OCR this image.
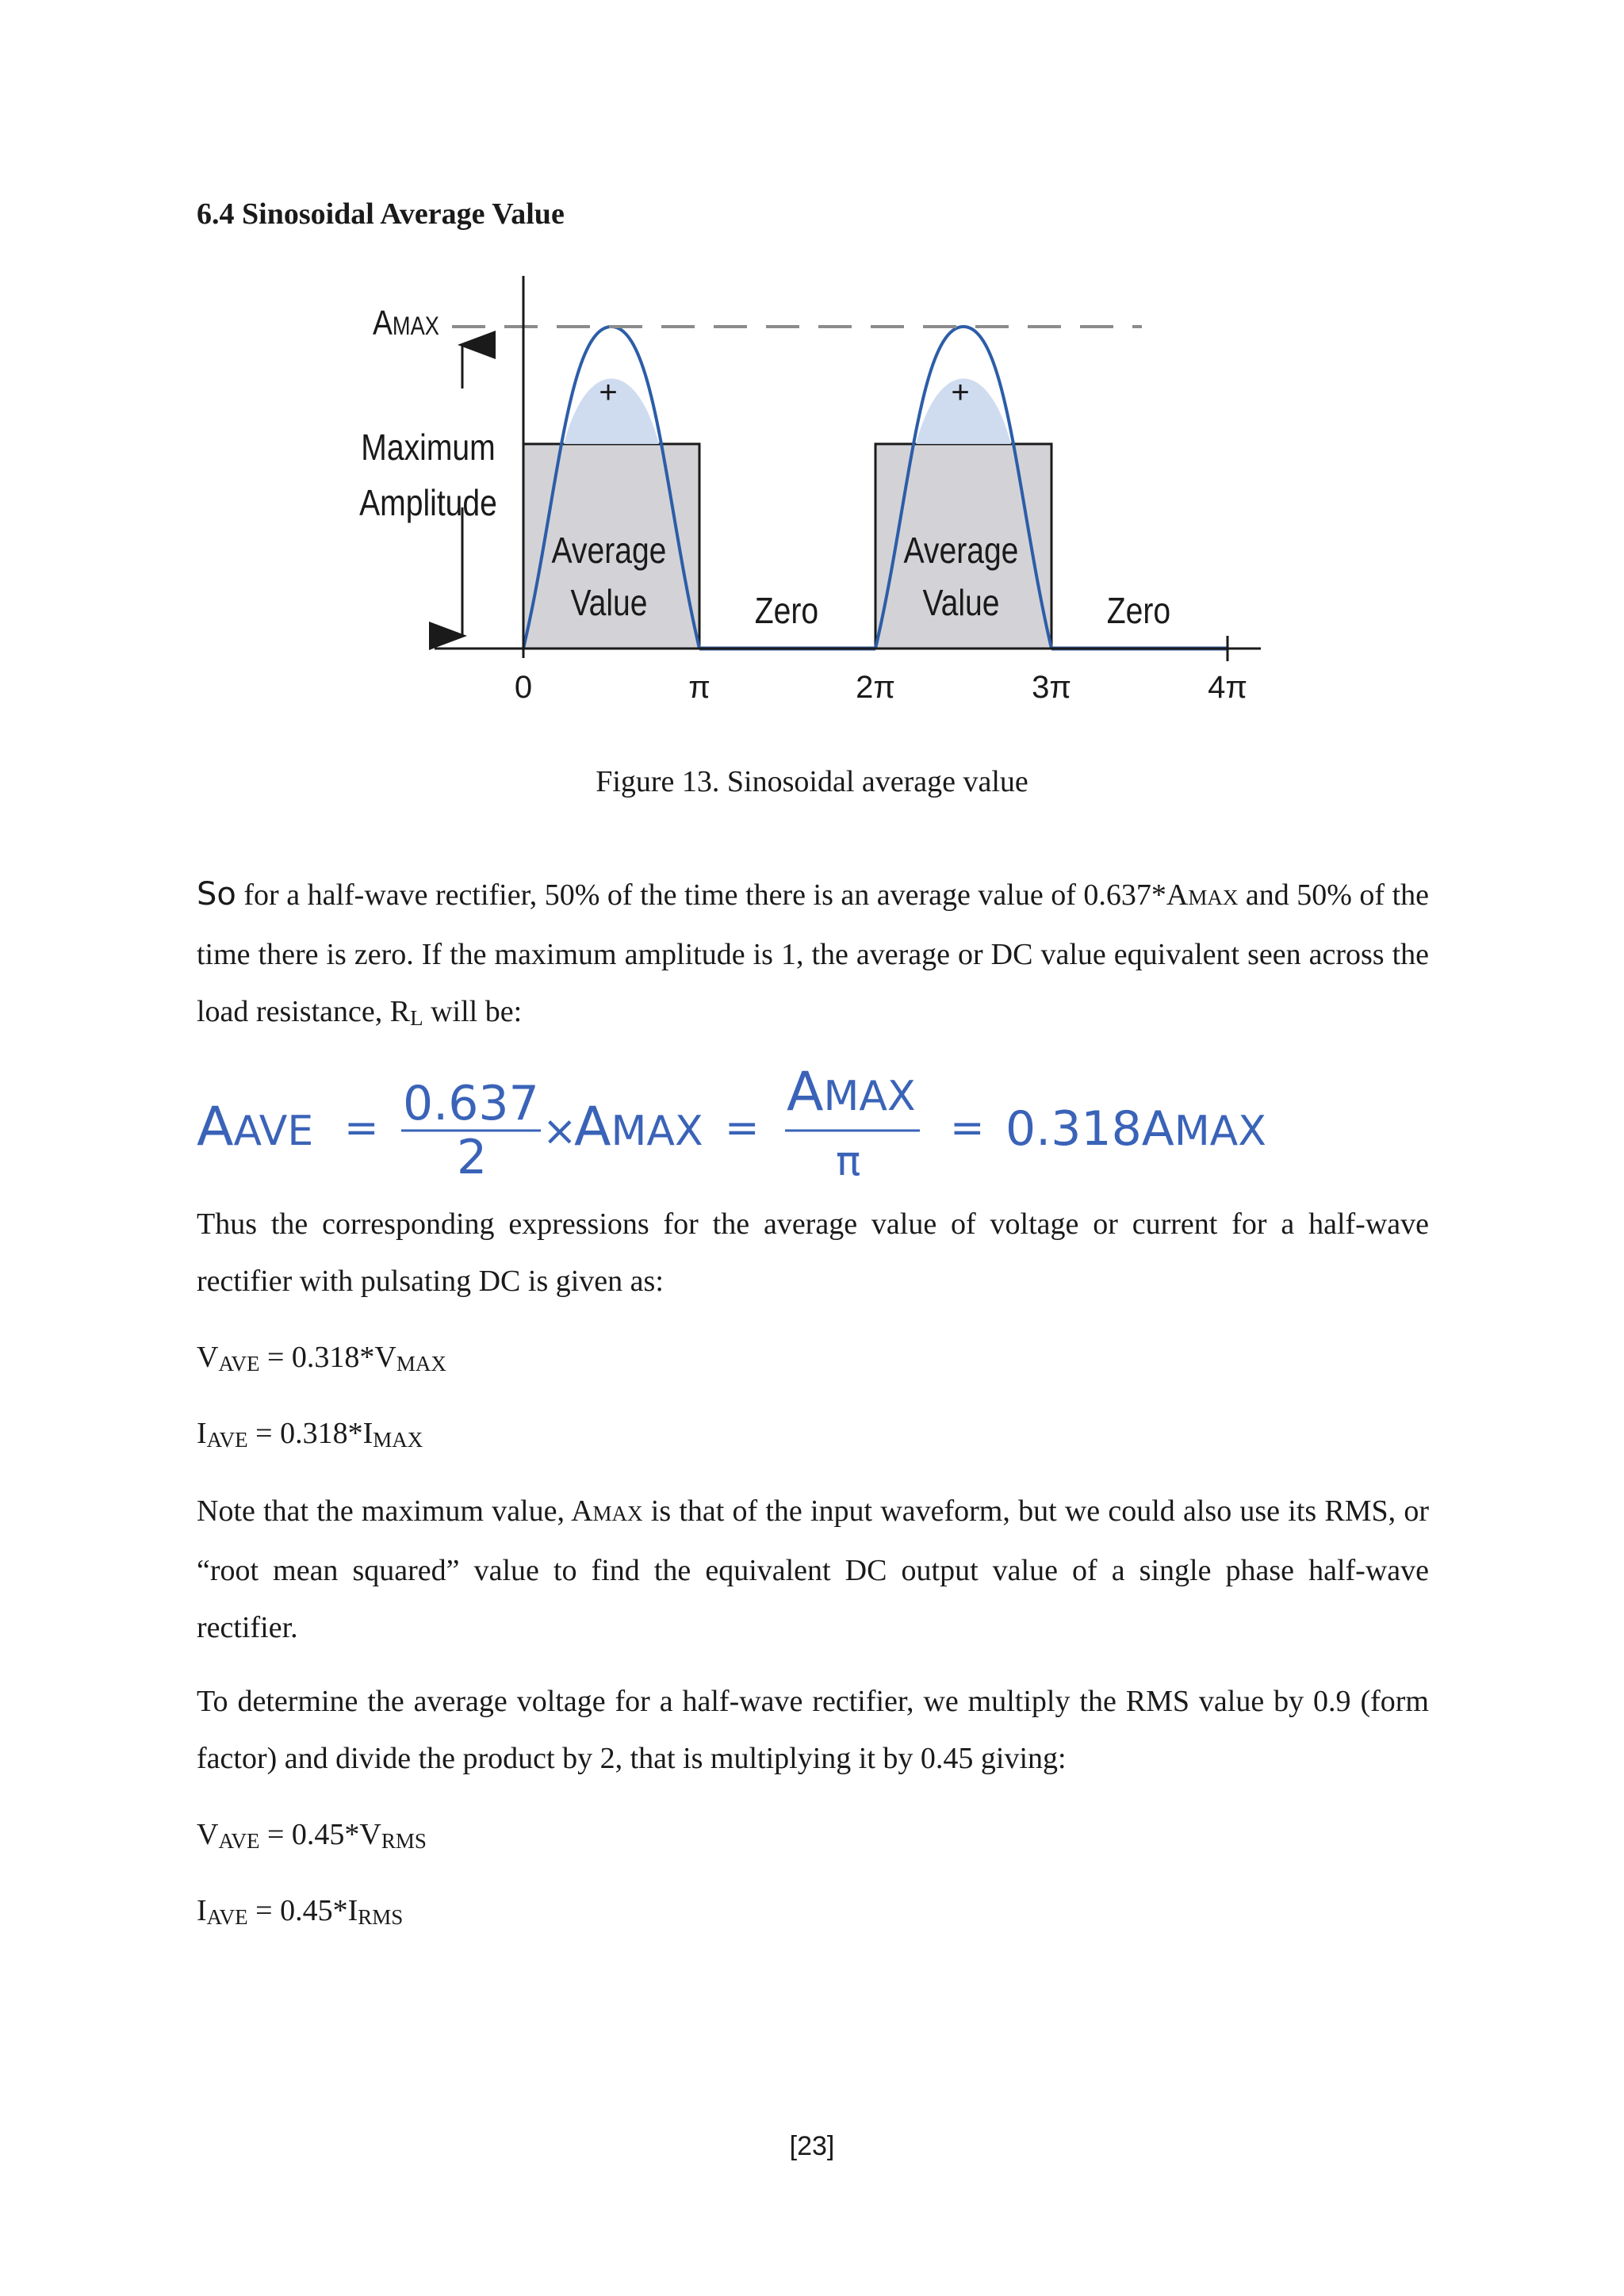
6.4 Sinosoidal Average Value
AMAX
Maximum
Amplitude
+	+
Average
Value
Average
Value
Zero	Zero
0	π	2π	3π	4π
Figure 13. Sinosoidal average value
So for a half-wave rectifier, 50% of the time there is an average value of 0.637*AMAX and 50% of the time there is zero. If the maximum amplitude is 1, the average or DC value equivalent seen across the load resistance, RL will be:
AAVE = 0.637
2 ×
AMAX =
AMAX
π
= 0.318AMAX
Thus the corresponding expressions for the average value of voltage or current for a half-wave rectifier with pulsating DC is given as:
VAVE = 0.318*VMAX
IAVE = 0.318*IMAX
Note that the maximum value, AMAX is that of the input waveform, but we could also use its RMS, or “root mean squared” value to find the equivalent DC output value of a single phase half-wave rectifier.
To determine the average voltage for a half-wave rectifier, we multiply the RMS value by 0.9 (form factor) and divide the product by 2, that is multiplying it by 0.45 giving:
VAVE = 0.45*VRMS
IAVE = 0.45*IRMS
[23]
